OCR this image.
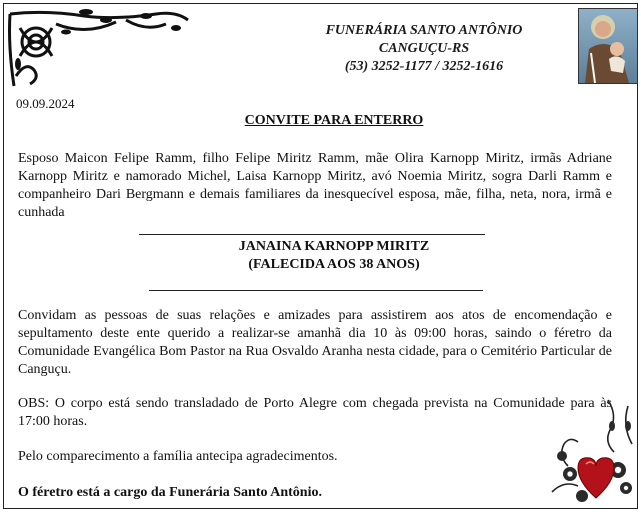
FUNERÁRIA SANTO ANTÔNIO
CANGUÇU-RS
(53) 3252-1177 / 3252-1616
09.09.2024
CONVITE PARA ENTERRO

Esposo Maicon Felipe Ramm, filho Felipe Miritz Ramm, mãe Olira Karnopp Miritz, irmãs Adriane Karnopp Miritz e namorado Michel, Laisa Karnopp Miritz, avó Noemia Miritz, sogra Darli Ramm e companheiro Dari Bergmann e demais familiares da inesquecível esposa, mãe, filha, neta, nora, irmã e cunhada

JANAINA KARNOPP MIRITZ
(FALECIDA AOS 38 ANOS)

Convidam as pessoas de suas relações e amizades para assistirem aos atos de encomendação e sepultamento deste ente querido a realizar-se amanhã dia 10 às 09:00 horas, saindo o féretro da Comunidade Evangélica Bom Pastor na Rua Osvaldo Aranha nesta cidade, para o Cemitério Particular de Canguçu.

OBS: O corpo está sendo transladado de Porto Alegre com chegada prevista na Comunidade para às 17:00 horas.

Pelo comparecimento a família antecipa agradecimentos.

O féretro está a cargo da Funerária Santo Antônio.
